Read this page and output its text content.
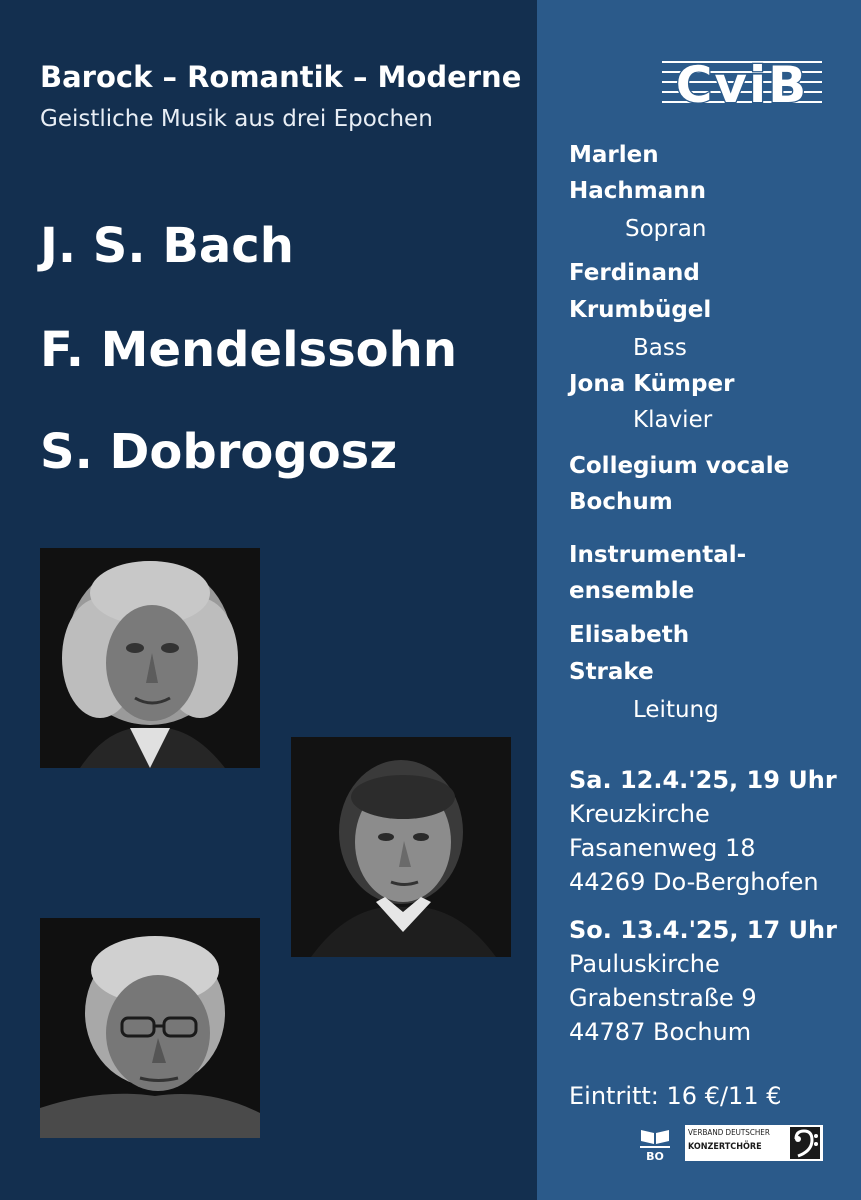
Barock – Romantik – Moderne
Geistliche Musik aus drei Epochen
J. S. Bach
F. Mendelssohn
S. Dobrogosz
CviB
Marlen
Hachmann
Sopran
Ferdinand
Krumbügel
Bass
Jona Kümper
Klavier
Collegium vocale
Bochum
Instrumental-
ensemble
Elisabeth
Strake
Leitung
Sa. 12.4.'25, 19 Uhr
Kreuzkirche
Fasanenweg 18
44269 Do-Berghofen
So. 13.4.'25, 17 Uhr
Pauluskirche
Grabenstraße 9
44787 Bochum
Eintritt: 16 €/11 €
BO
VERBAND DEUTSCHER
KONZERTCHÖRE
